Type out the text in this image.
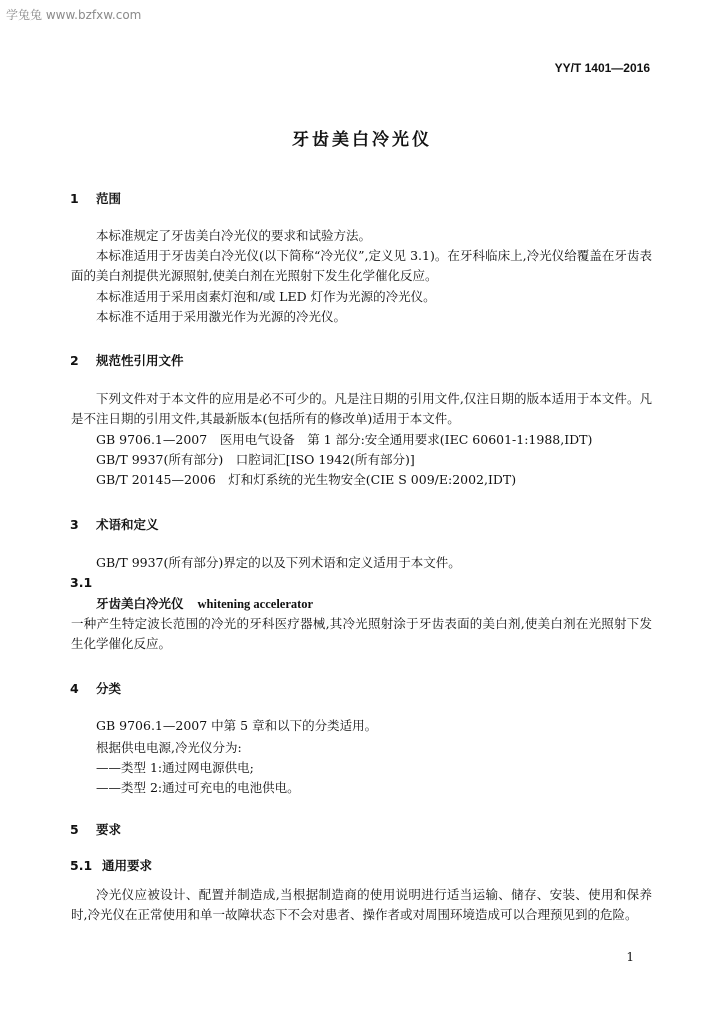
学兔兔 www.bzfxw.com
YY/T 1401—2016
牙齿美白冷光仪
1 范围
本标准规定了牙齿美白冷光仪的要求和试验方法。
本标准适用于牙齿美白冷光仪(以下简称“冷光仪”,定义见 3.1)。在牙科临床上,冷光仪给覆盖在牙齿表面的美白剂提供光源照射,使美白剂在光照射下发生化学催化反应。
本标准适用于采用卤素灯泡和/或 LED 灯作为光源的冷光仪。
本标准不适用于采用激光作为光源的冷光仪。
2 规范性引用文件
下列文件对于本文件的应用是必不可少的。凡是注日期的引用文件,仅注日期的版本适用于本文件。凡是不注日期的引用文件,其最新版本(包括所有的修改单)适用于本文件。
GB 9706.1—2007　医用电气设备　第 1 部分:安全通用要求(IEC 60601-1:1988,IDT)
GB/T 9937(所有部分)　口腔词汇[ISO 1942(所有部分)]
GB/T 20145—2006　灯和灯系统的光生物安全(CIE S 009/E:2002,IDT)
3 术语和定义
GB/T 9937(所有部分)界定的以及下列术语和定义适用于本文件。
3.1
牙齿美白冷光仪 whitening accelerator
一种产生特定波长范围的冷光的牙科医疗器械,其冷光照射涂于牙齿表面的美白剂,使美白剂在光照射下发生化学催化反应。
4 分类
GB 9706.1—2007 中第 5 章和以下的分类适用。
根据供电电源,冷光仪分为:
——类型 1:通过网电源供电;
——类型 2:通过可充电的电池供电。
5 要求
5.1 通用要求
冷光仪应被设计、配置并制造成,当根据制造商的使用说明进行适当运输、储存、安装、使用和保养时,冷光仪在正常使用和单一故障状态下不会对患者、操作者或对周围环境造成可以合理预见到的危险。
1
